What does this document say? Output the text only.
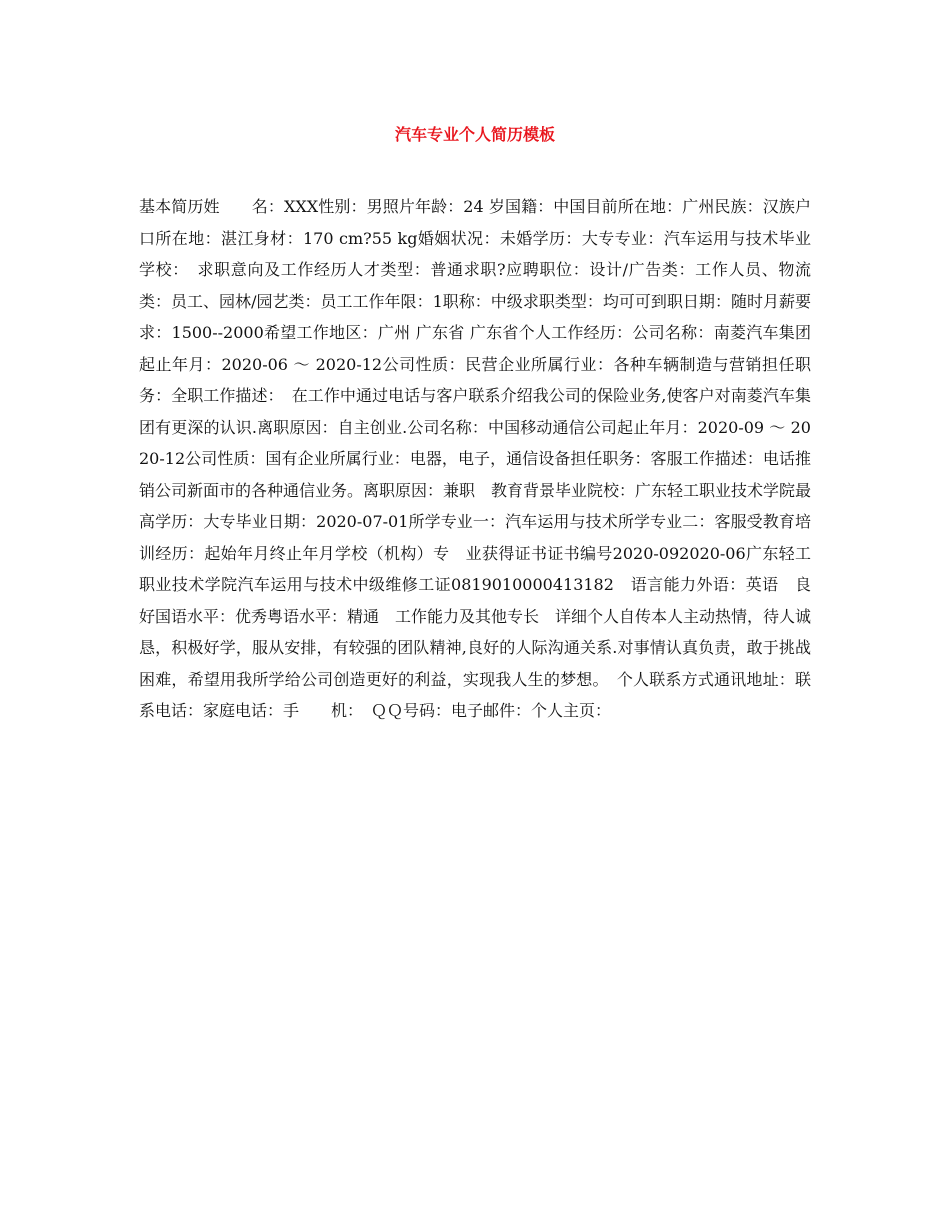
汽车专业个人简历模板

基本简历姓　　名：XXX性别：男照片年龄：24 岁国籍：中国目前所在地：广州民族：汉族户口所在地：湛江身材：170 cm?55 kg婚姻状况：未婚学历：大专专业：汽车运用与技术毕业学校：　求职意向及工作经历人才类型：普通求职?应聘职位：设计/广告类：工作人员、物流类：员工、园林/园艺类：员工工作年限：1职称：中级求职类型：均可可到职日期：随时月薪要求：1500--2000希望工作地区：广州 广东省 广东省个人工作经历：公司名称：南菱汽车集团起止年月：2020-06 ～ 2020-12公司性质：民营企业所属行业：各种车辆制造与营销担任职务：全职工作描述：　在工作中通过电话与客户联系介绍我公司的保险业务,使客户对南菱汽车集团有更深的认识.离职原因：自主创业.公司名称：中国移动通信公司起止年月：2020-09 ～ 2020-12公司性质：国有企业所属行业：电器，电子，通信设备担任职务：客服工作描述：电话推销公司新面市的各种通信业务。离职原因：兼职　教育背景毕业院校：广东轻工职业技术学院最高学历：大专毕业日期：2020-07-01所学专业一：汽车运用与技术所学专业二：客服受教育培训经历：起始年月终止年月学校（机构）专　业获得证书证书编号2020-092020-06广东轻工职业技术学院汽车运用与技术中级维修工证0819010000413182　语言能力外语：英语　良好国语水平：优秀粤语水平：精通　工作能力及其他专长　详细个人自传本人主动热情，待人诚恳，积极好学，服从安排，有较强的团队精神,良好的人际沟通关系.对事情认真负责，敢于挑战困难，希望用我所学给公司创造更好的利益，实现我人生的梦想。　个人联系方式通讯地址：联系电话：家庭电话：手　　机：　ＱＱ号码：电子邮件：个人主页：
